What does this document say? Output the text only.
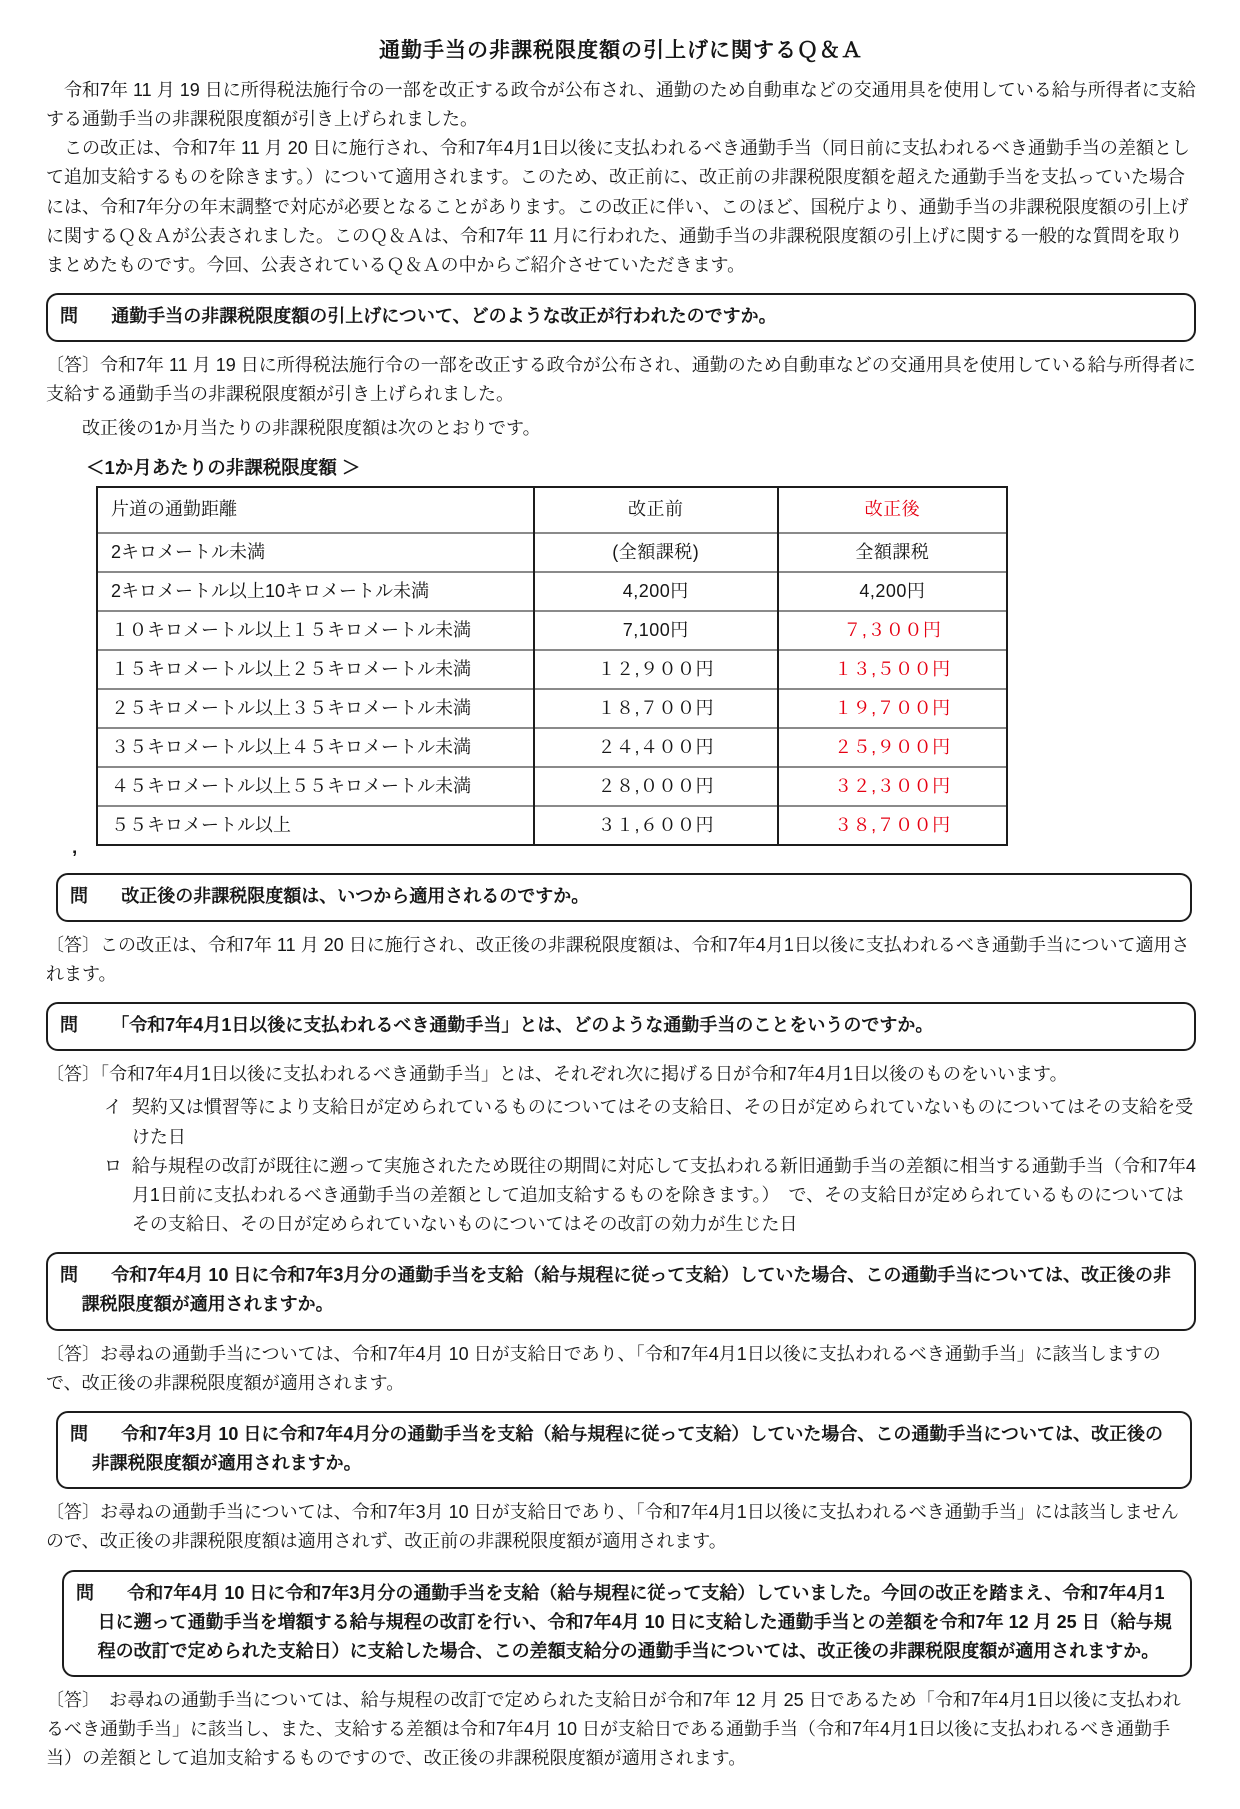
通勤手当の非課税限度額の引上げに関するＱ＆Ａ

　令和7年 11 月 19 日に所得税法施行令の一部を改正する政令が公布され、通勤のため自動車などの交通用具を使用している給与所得者に支給する通勤手当の非課税限度額が引き上げられました。

　この改正は、令和7年 11 月 20 日に施行され、令和7年4月1日以後に支払われるべき通勤手当（同日前に支払われるべき通勤手当の差額として追加支給するものを除きます。）について適用されます。このため、改正前に、改正前の非課税限度額を超えた通勤手当を支払っていた場合には、令和7年分の年末調整で対応が必要となることがあります。この改正に伴い、このほど、国税庁より、通勤手当の非課税限度額の引上げに関するＱ＆Ａが公表されました。このＱ＆Ａは、令和7年 11 月に行われた、通勤手当の非課税限度額の引上げに関する一般的な質問を取りまとめたものです。今回、公表されているＱ＆Ａの中からご紹介させていただきます。

問 通勤手当の非課税限度額の引上げについて、どのような改正が行われたのですか。

〔答〕令和7年 11 月 19 日に所得税法施行令の一部を改正する政令が公布され、通勤のため自動車などの交通用具を使用している給与所得者に支給する通勤手当の非課税限度額が引き上げられました。

　　改正後の1か月当たりの非課税限度額は次のとおりです。

＜1か月あたりの非課税限度額 ＞

片道の通勤距離	改正前	改正後
2キロメートル未満	(全額課税)	全額課税
2キロメートル以上10キロメートル未満	4,200円	4,200円
１０キロメートル以上１５キロメートル未満	7,100円	７,３００円
１５キロメートル以上２５キロメートル未満	１２,９００円	１３,５００円
２５キロメートル以上３５キロメートル未満	１８,７００円	１９,７００円
３５キロメートル以上４５キロメートル未満	２４,４００円	２５,９００円
４５キロメートル以上５５キロメートル未満	２８,０００円	３２,３００円
５５キロメートル以上	３１,６００円	３８,７００円
ʼ

問 改正後の非課税限度額は、いつから適用されるのですか。

〔答〕この改正は、令和7年 11 月 20 日に施行され、改正後の非課税限度額は、令和7年4月1日以後に支払われるべき通勤手当について適用されます。

問 「令和7年4月1日以後に支払われるべき通勤手当」とは、どのような通勤手当のことをいうのですか。

〔答〕「令和7年4月1日以後に支払われるべき通勤手当」とは、それぞれ次に掲げる日が令和7年4月1日以後のものをいいます。

イ 契約又は慣習等により支給日が定められているものについてはその支給日、その日が定められていないものについてはその支給を受けた日

ロ 給与規程の改訂が既往に遡って実施されたため既往の期間に対応して支払われる新旧通勤手当の差額に相当する通勤手当（令和7年4月1日前に支払われるべき通勤手当の差額として追加支給するものを除きます。）　で、その支給日が定められているものについてはその支給日、その日が定められていないものについてはその改訂の効力が生じた日

問 令和7年4月 10 日に令和7年3月分の通勤手当を支給（給与規程に従って支給）していた場合、この通勤手当については、改正後の非課税限度額が適用されますか。

〔答〕お尋ねの通勤手当については、令和7年4月 10 日が支給日であり、「令和7年4月1日以後に支払われるべき通勤手当」に該当しますので、改正後の非課税限度額が適用されます。

問 令和7年3月 10 日に令和7年4月分の通勤手当を支給（給与規程に従って支給）していた場合、この通勤手当については、改正後の非課税限度額が適用されますか。

〔答〕お尋ねの通勤手当については、令和7年3月 10 日が支給日であり、「令和7年4月1日以後に支払われるべき通勤手当」には該当しませんので、改正後の非課税限度額は適用されず、改正前の非課税限度額が適用されます。

問 令和7年4月 10 日に令和7年3月分の通勤手当を支給（給与規程に従って支給）していました。今回の改正を踏まえ、令和7年4月1日に遡って通勤手当を増額する給与規程の改訂を行い、令和7年4月 10 日に支給した通勤手当との差額を令和7年 12 月 25 日（給与規程の改訂で定められた支給日）に支給した場合、この差額支給分の通勤手当については、改正後の非課税限度額が適用されますか。

〔答〕　お尋ねの通勤手当については、給与規程の改訂で定められた支給日が令和7年 12 月 25 日であるため「令和7年4月1日以後に支払われるべき通勤手当」に該当し、また、支給する差額は令和7年4月 10 日が支給日である通勤手当（令和7年4月1日以後に支払われるべき通勤手当）の差額として追加支給するものですので、改正後の非課税限度額が適用されます。
